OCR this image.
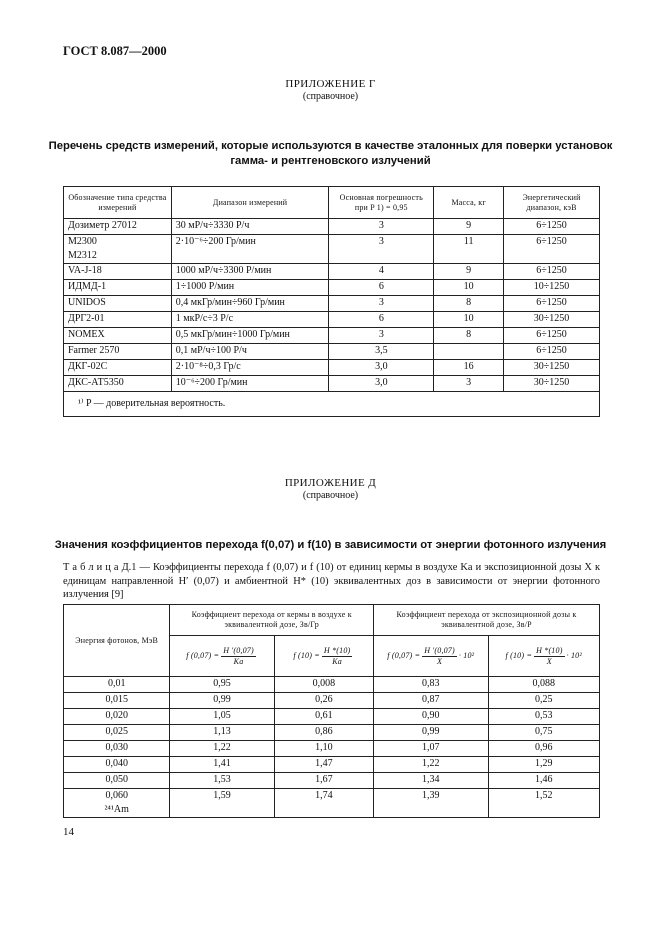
ГОСТ 8.087—2000
ПРИЛОЖЕНИЕ Г
(справочное)
Перечень средств измерений, которые используются в качестве эталонных для поверки установок
гамма- и рентгеновского излучений
Обозначение типа средства измерений	Диапазон измерений	Основная погрешность при P 1) = 0,95	Масса, кг	Энергетический диапазон, кэВ
Дозиметр 27012	30 мР/ч÷3330 Р/ч	3	9	6÷1250
M2300
M2312	2·10⁻⁶÷200 Гр/мин	3	11	6÷1250
VA-J-18	1000 мР/ч÷3300 Р/мин	4	9	6÷1250
ИДМД-1	1÷1000 Р/мин	6	10	10÷1250
UNIDOS	0,4 мкГр/мин÷960 Гр/мин	3	8	6÷1250
ДРГ2-01	1 мкР/с÷3 Р/с	6	10	30÷1250
NOMEX	0,5 мкГр/мин÷1000 Гр/мин	3	8	6÷1250
Farmer 2570	0,1 мР/ч÷100 Р/ч	3,5		6÷1250
ДКГ-02С	2·10⁻⁸÷0,3 Гр/с	3,0	16	30÷1250
ДКС-АТ5350	10⁻⁶÷200 Гр/мин	3,0	3	30÷1250
¹⁾ P — доверительная вероятность.				
ПРИЛОЖЕНИЕ Д
(справочное)
Значения коэффициентов перехода f(0,07) и f(10) в зависимости от энергии фотонного излучения
Т а б л и ц а Д.1 — Коэффициенты перехода f (0,07) и f (10) от единиц кермы в воздухе Kа и экспозиционной дозы X к единицам направленной H′ (0,07) и амбиентной H* (10) эквивалентных доз в зависимости от энергии фотонного излучения [9]
Энергия фотонов, МэВ	Коэффициент перехода от кермы в воздухе к эквивалентной дозе, Зв/Гр		Коэффициент перехода от экспозиционной дозы к эквивалентной дозе, Зв/Р	
	f $(0,07) = \frac{H '(0,07)}{Kа}$	f $(10) = \frac{H *(10)}{Kа}$	f $(0,07) = \frac{H '(0,07)}{X} \cdot 10^2$	f $(10) = \frac{H *(10)}{X} \cdot 10^2$
0,01	0,95	0,008	0,83	0,088
0,015	0,99	0,26	0,87	0,25
0,020	1,05	0,61	0,90	0,53
0,025	1,13	0,86	0,99	0,75
0,030	1,22	1,10	1,07	0,96
0,040	1,41	1,47	1,22	1,29
0,050	1,53	1,67	1,34	1,46
0,060
²⁴¹Am	1,59	1,74	1,39	1,52
14
